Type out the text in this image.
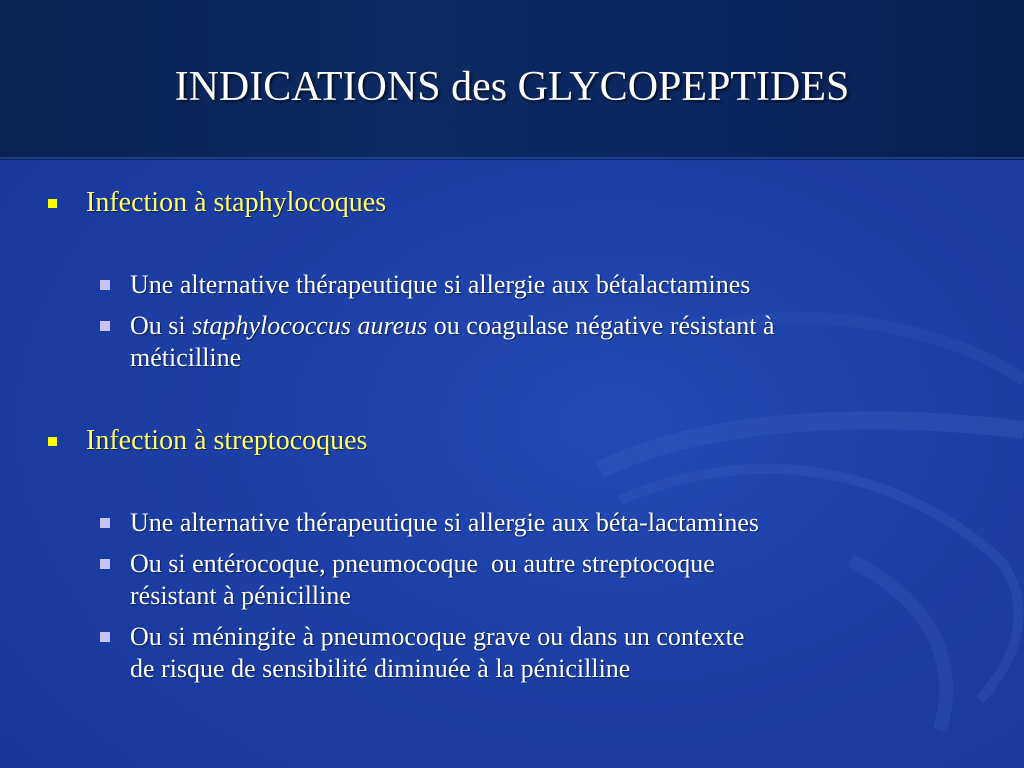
INDICATIONS des GLYCOPEPTIDES
Infection à staphylocoques
Une alternative thérapeutique si allergie aux bétalactamines
Ou si staphylococcus aureus ou coagulase négative résistant à
méticilline
Infection à streptocoques
Une alternative thérapeutique si allergie aux béta-lactamines
Ou si entérocoque, pneumocoque  ou autre streptocoque
résistant à pénicilline
Ou si méningite à pneumocoque grave ou dans un contexte
de risque de sensibilité diminuée à la pénicilline
